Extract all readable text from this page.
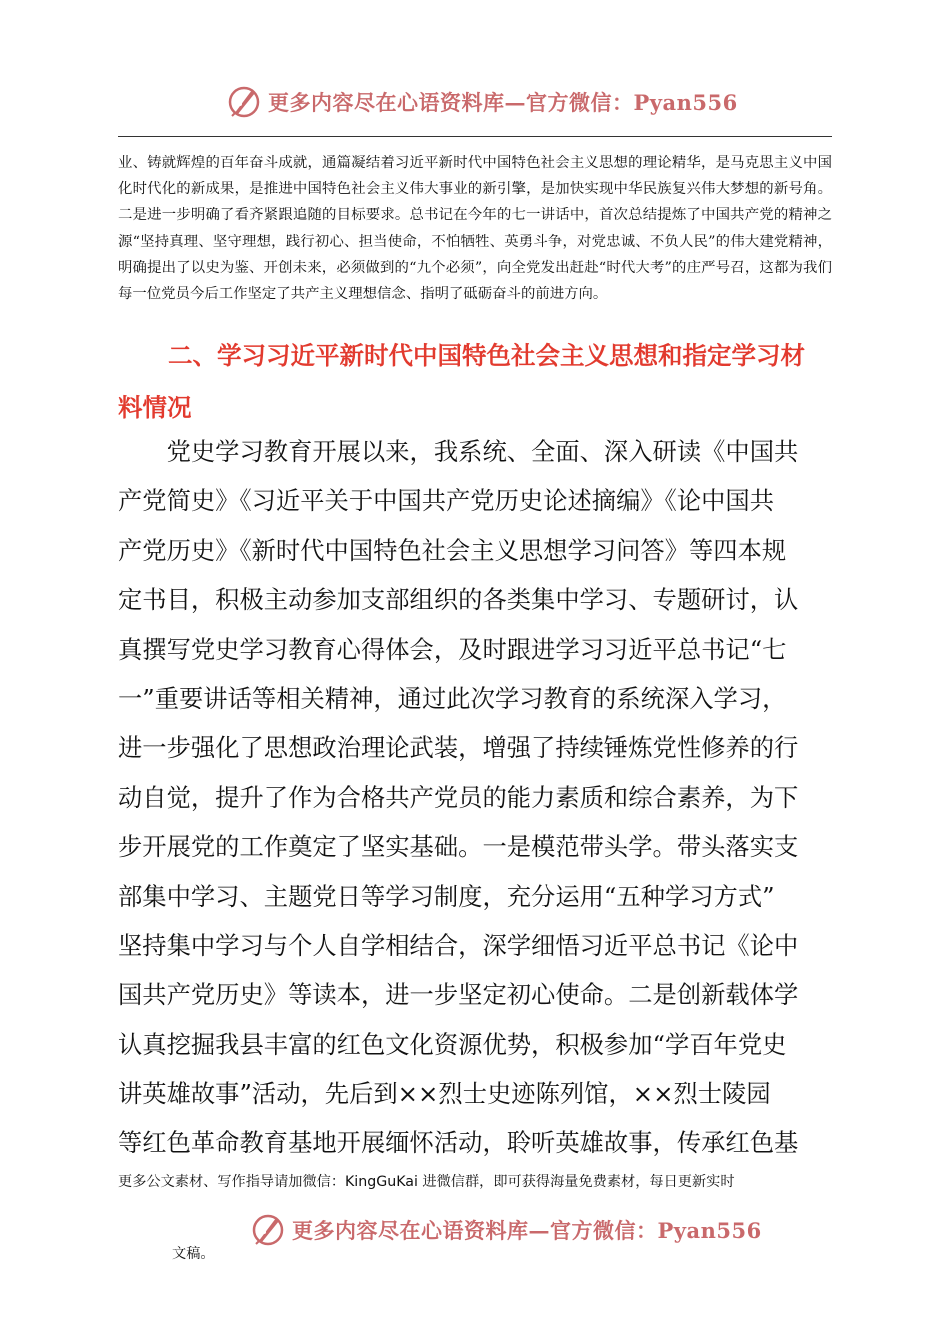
更多内容尽在心语资料库—官方微信：Pyan556

业、铸就辉煌的百年奋斗成就，通篇凝结着习近平新时代中国特色社会主义思想的理论精华，是马克思主义中国化时代化的新成果，是推进中国特色社会主义伟大事业的新引擎，是加快实现中华民族复兴伟大梦想的新号角。二是进一步明确了看齐紧跟追随的目标要求。总书记在今年的七一讲话中，首次总结提炼了中国共产党的精神之源“坚持真理、坚守理想，践行初心、担当使命，不怕牺牲、英勇斗争，对党忠诚、不负人民”的伟大建党精神，明确提出了以史为鉴、开创未来，必须做到的“九个必须”，向全党发出赶赴“时代大考”的庄严号召，这都为我们每一位党员今后工作坚定了共产主义理想信念、指明了砥砺奋斗的前进方向。

二、学习习近平新时代中国特色社会主义思想和指定学习材
料情况
　　党史学习教育开展以来，我系统、全面、深入研读《中国共
产党简史》《习近平关于中国共产党历史论述摘编》《论中国共
产党历史》《新时代中国特色社会主义思想学习问答》等四本规
定书目，积极主动参加支部组织的各类集中学习、专题研讨，认
真撰写党史学习教育心得体会，及时跟进学习习近平总书记“七
一”重要讲话等相关精神，通过此次学习教育的系统深入学习，
进一步强化了思想政治理论武装，增强了持续锤炼党性修养的行
动自觉，提升了作为合格共产党员的能力素质和综合素养，为下
步开展党的工作奠定了坚实基础。一是模范带头学。带头落实支
部集中学习、主题党日等学习制度，充分运用“五种学习方式”
坚持集中学习与个人自学相结合，深学细悟习近平总书记《论中
国共产党历史》等读本，进一步坚定初心使命。二是创新载体学
认真挖掘我县丰富的红色文化资源优势，积极参加“学百年党史
讲英雄故事”活动，先后到××烈士史迹陈列馆，××烈士陵园
等红色革命教育基地开展缅怀活动，聆听英雄故事，传承红色基

更多公文素材、写作指导请加微信：KingGuKai 进微信群，即可获得海量免费素材，每日更新实时

更多内容尽在心语资料库—官方微信：Pyan556

文稿。
